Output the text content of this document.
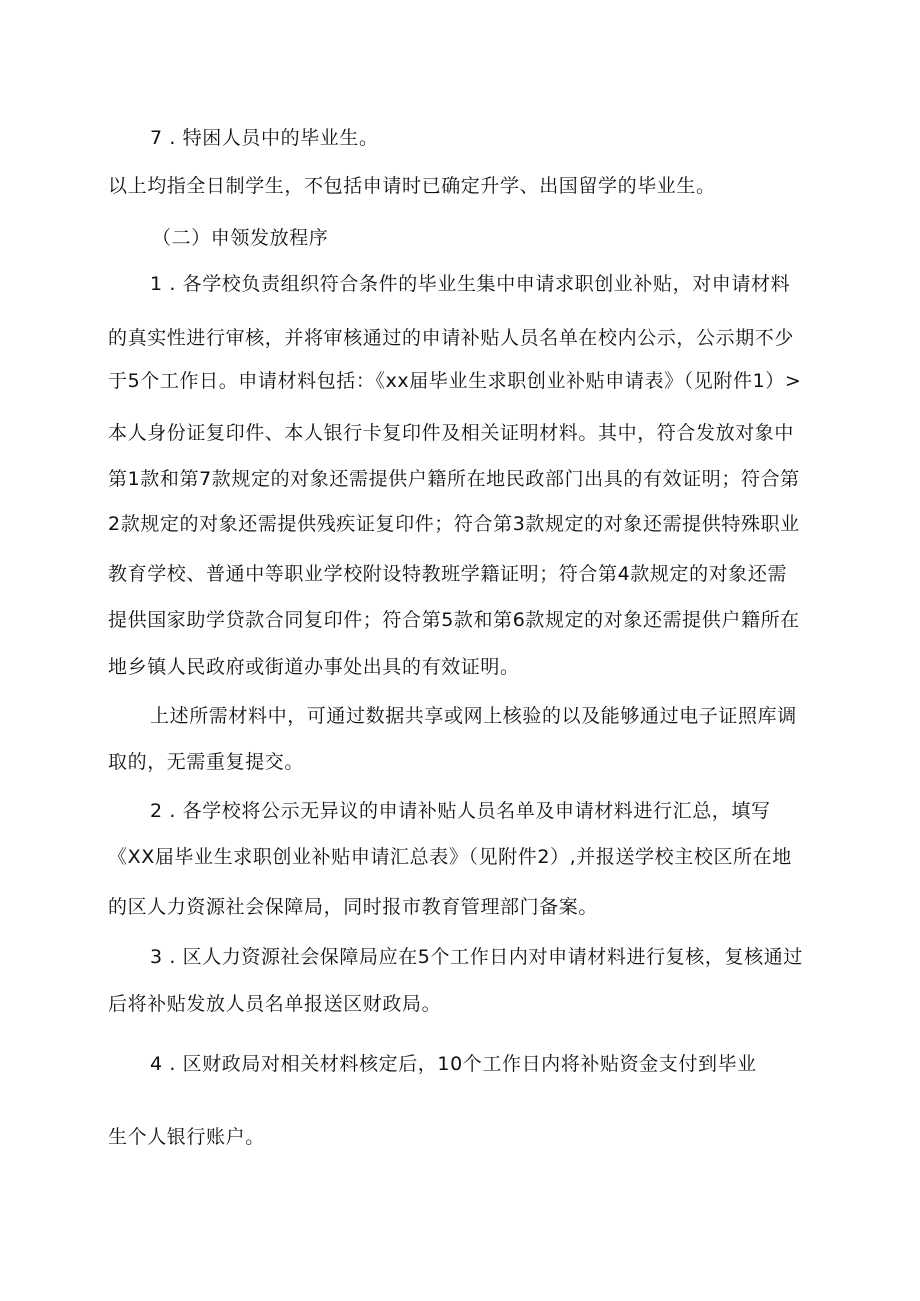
7 . 特困人员中的毕业生。
以上均指全日制学生，不包括申请时已确定升学、出国留学的毕业生。
（二）申领发放程序
1 . 各学校负责组织符合条件的毕业生集中申请求职创业补贴，对申请材料
的真实性进行审核，并将审核通过的申请补贴人员名单在校内公示，公示期不少
于5个工作日。申请材料包括：《xx届毕业生求职创业补贴申请表》（见附件1）>
本人身份证复印件、本人银行卡复印件及相关证明材料。其中，符合发放对象中
第1款和第7款规定的对象还需提供户籍所在地民政部门出具的有效证明；符合第
2款规定的对象还需提供残疾证复印件；符合第3款规定的对象还需提供特殊职业
教育学校、普通中等职业学校附设特教班学籍证明；符合第4款规定的对象还需
提供国家助学贷款合同复印件；符合第5款和第6款规定的对象还需提供户籍所在
地乡镇人民政府或街道办事处出具的有效证明。
上述所需材料中，可通过数据共享或网上核验的以及能够通过电子证照库调
取的，无需重复提交。
2 . 各学校将公示无异议的申请补贴人员名单及申请材料进行汇总，填写
《XX届毕业生求职创业补贴申请汇总表》（见附件2）,并报送学校主校区所在地
的区人力资源社会保障局，同时报市教育管理部门备案。
3 . 区人力资源社会保障局应在5个工作日内对申请材料进行复核，复核通过
后将补贴发放人员名单报送区财政局。
4 . 区财政局对相关材料核定后，10个工作日内将补贴资金支付到毕业
生个人银行账户。
